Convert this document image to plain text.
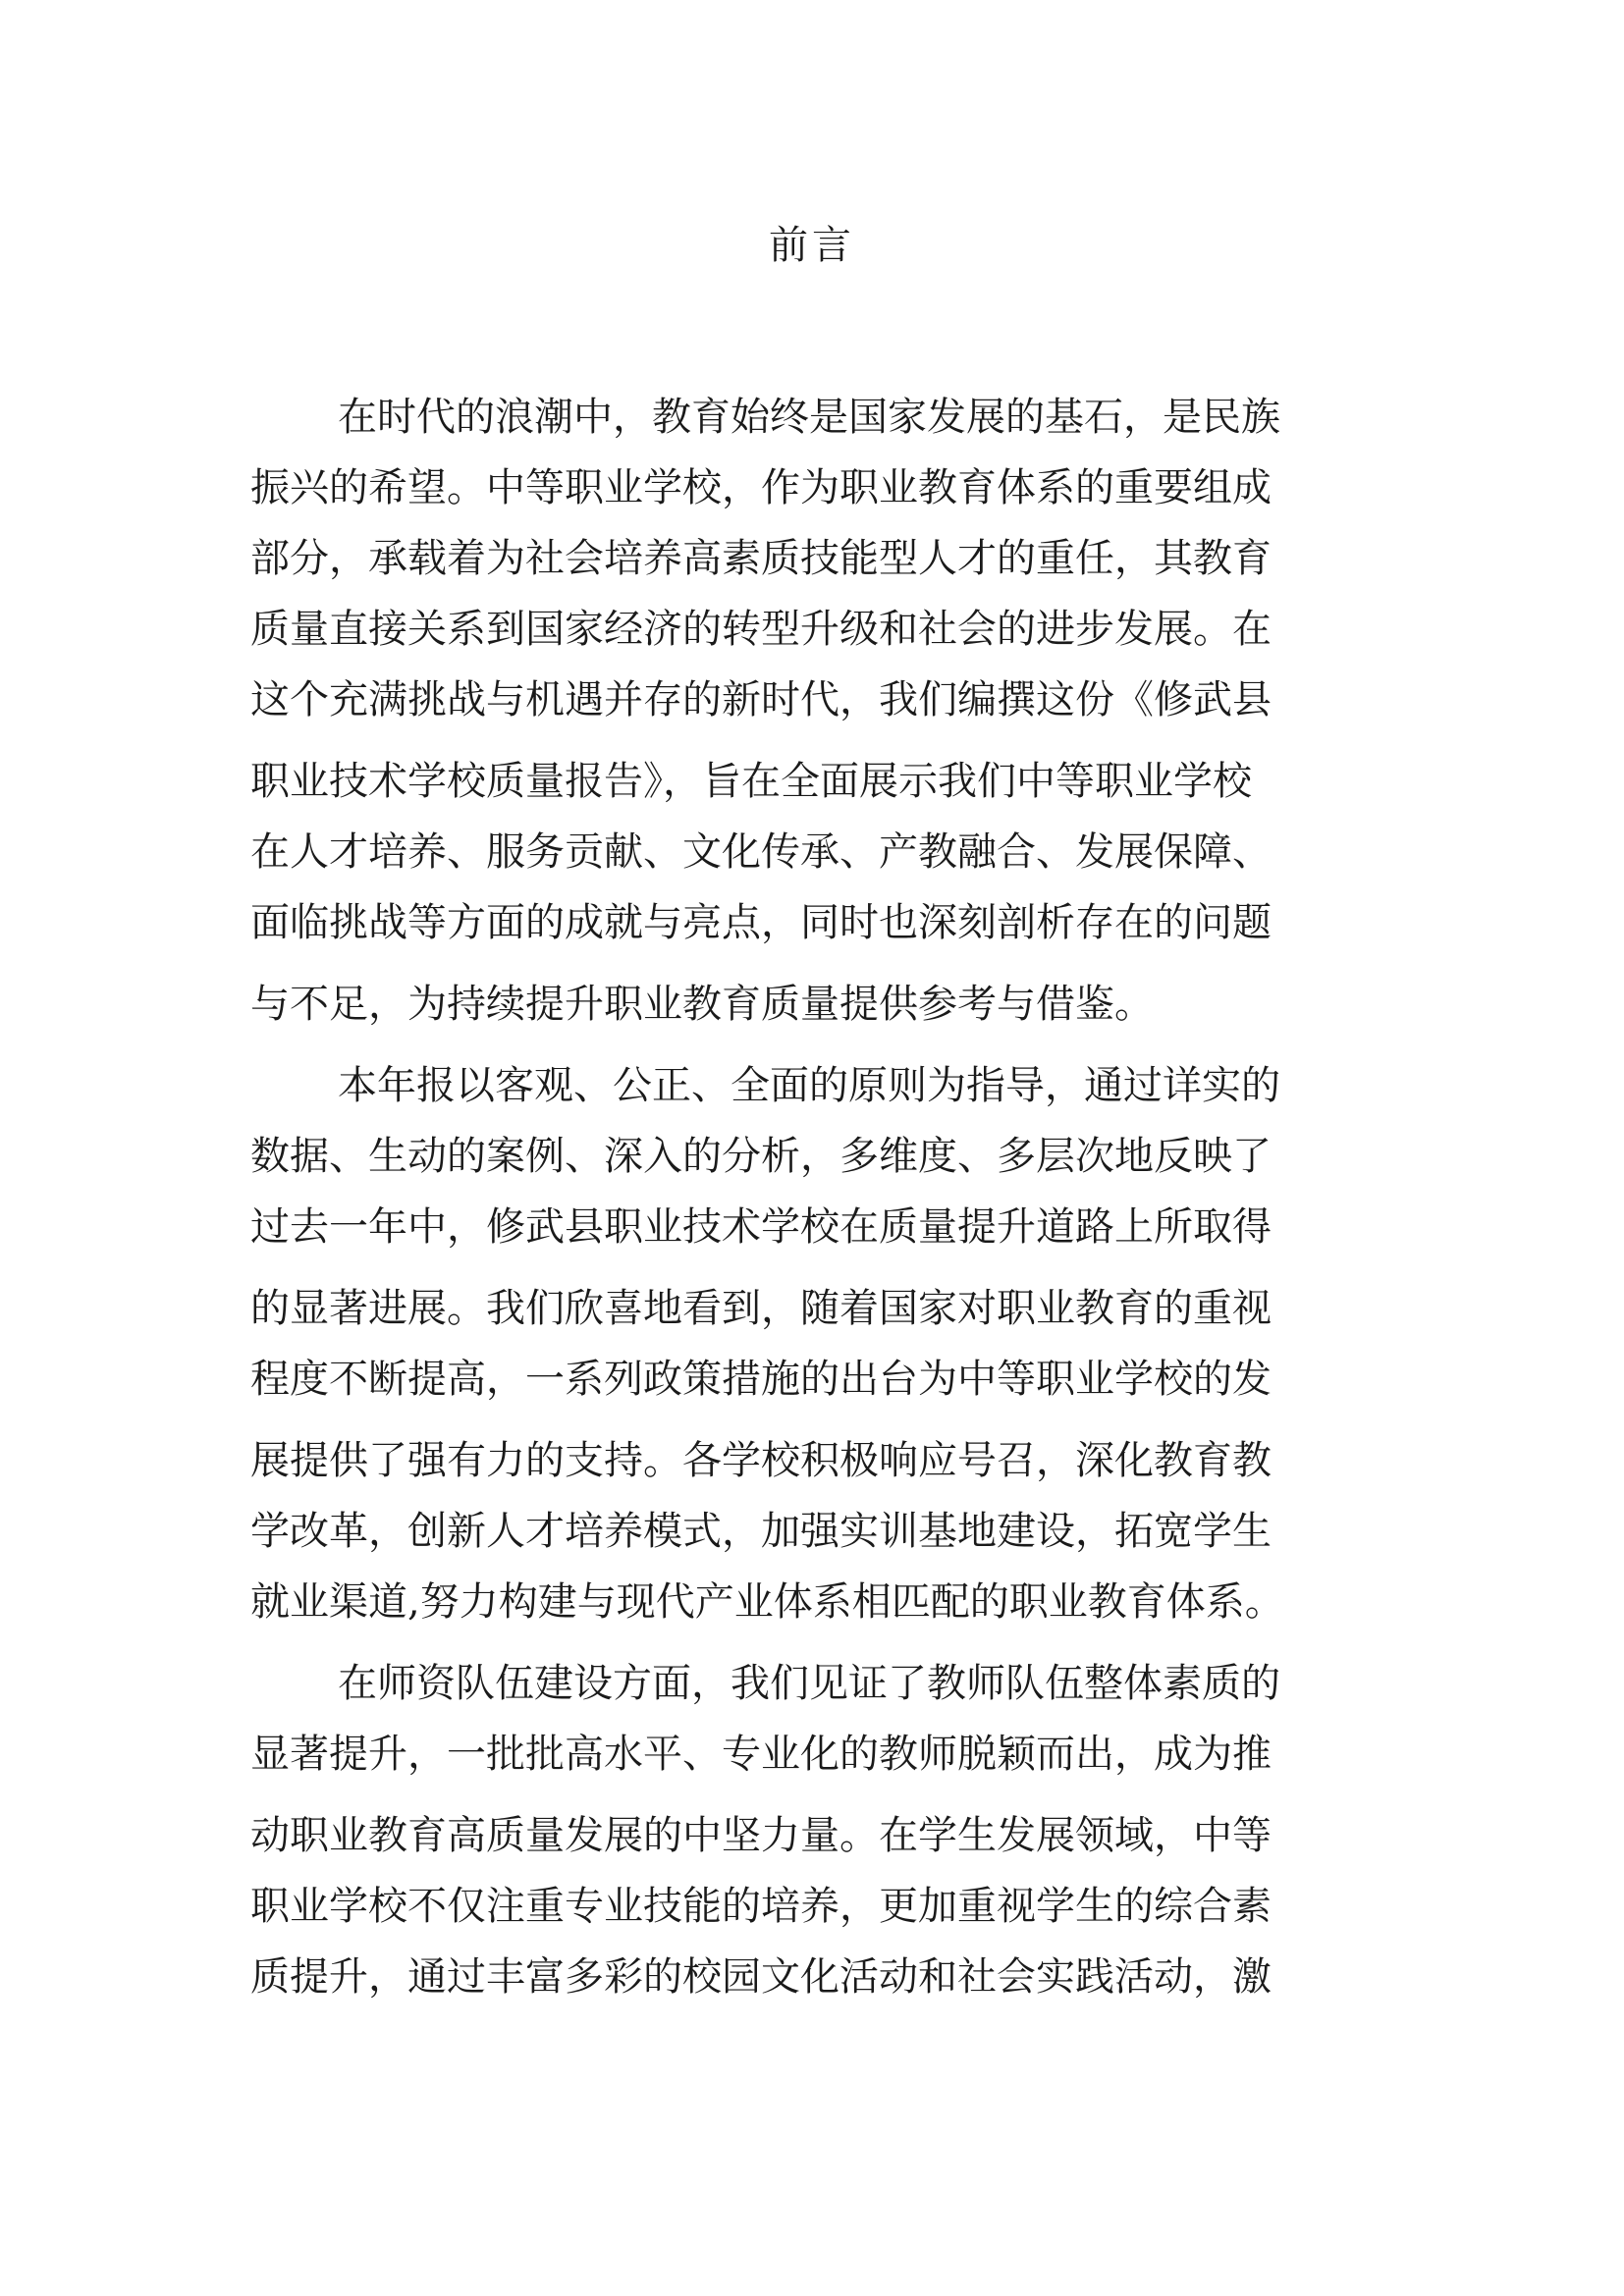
前言

在时代的浪潮中，教育始终是国家发展的基石，是民族

振兴的希望。中等职业学校，作为职业教育体系的重要组成

部分，承载着为社会培养高素质技能型人才的重任，其教育

质量直接关系到国家经济的转型升级和社会的进步发展。在

这个充满挑战与机遇并存的新时代，我们编撰这份《修武县

职业技术学校质量报告》，旨在全面展示我们中等职业学校

在人才培养、服务贡献、文化传承、产教融合、发展保障、

面临挑战等方面的成就与亮点，同时也深刻剖析存在的问题

与不足，为持续提升职业教育质量提供参考与借鉴。

本年报以客观、公正、全面的原则为指导，通过详实的

数据、生动的案例、深入的分析，多维度、多层次地反映了

过去一年中，修武县职业技术学校在质量提升道路上所取得

的显著进展。我们欣喜地看到，随着国家对职业教育的重视

程度不断提高，一系列政策措施的出台为中等职业学校的发

展提供了强有力的支持。各学校积极响应号召，深化教育教

学改革，创新人才培养模式，加强实训基地建设，拓宽学生

就业渠道,努力构建与现代产业体系相匹配的职业教育体系。

在师资队伍建设方面，我们见证了教师队伍整体素质的

显著提升，一批批高水平、专业化的教师脱颖而出，成为推

动职业教育高质量发展的中坚力量。在学生发展领域，中等

职业学校不仅注重专业技能的培养，更加重视学生的综合素

质提升，通过丰富多彩的校园文化活动和社会实践活动，激
